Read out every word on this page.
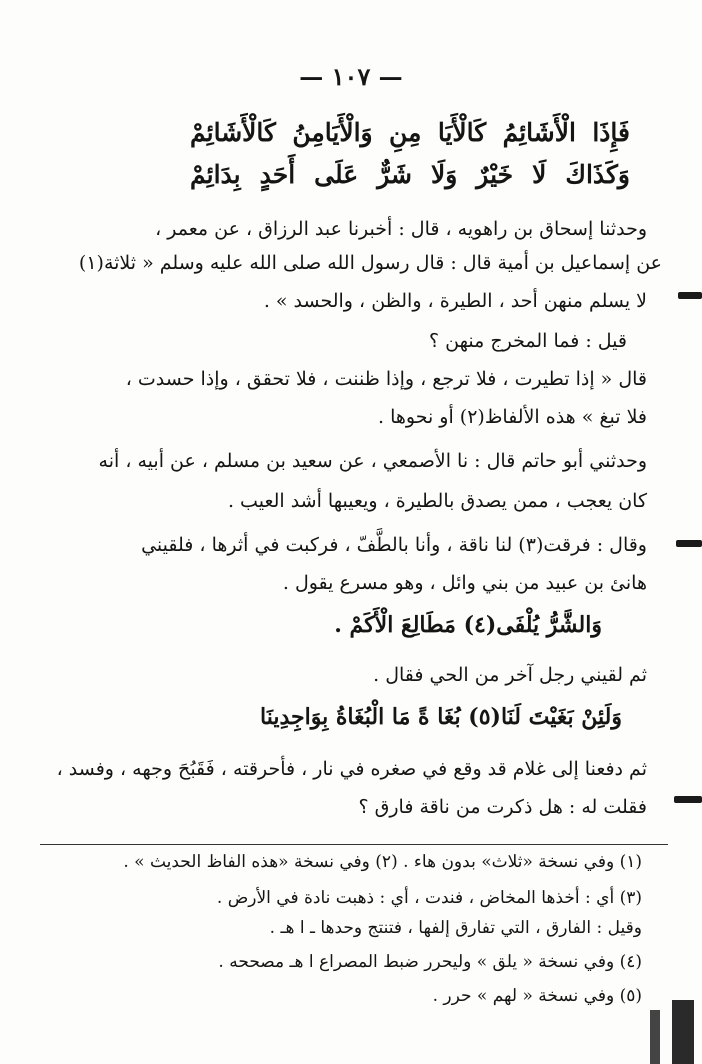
— ١٠٧ —
فَإِذَا الْأَشَائِمُ كَالْأَيَا مِنِ وَالْأَيَامِنُ كَالْأَشَائِمْ
وَكَذَاكَ لَا خَيْرٌ وَلَا شَرٌّ عَلَى أَحَدٍ بِدَائِمْ
وحدثنا إسحاق بن راهويه ، قال : أخبرنا عبد الرزاق ، عن معمر ،
عن إسماعيل بن أمية قال : قال رسول الله صلى الله عليه وسلم « ثلاثة(١)
لا يسلم منهن أحد ، الطيرة ، والظن ، والحسد » .
قيل : فما المخرج منهن ؟
قال « إذا تطيرت ، فلا ترجع ، وإذا ظننت ، فلا تحقق ، وإذا حسدت ،
فلا تبغ » هذه الألفاظ(٢) أو نحوها .
وحدثني أبو حاتم قال : نا الأصمعي ، عن سعيد بن مسلم ، عن أبيه ، أنه
كان يعجب ، ممن يصدق بالطيرة ، ويعيبها أشد العيب .
وقال : فرقت(٣) لنا ناقة ، وأنا بالطَّفّ ، فركبت في أثرها ، فلقيني
هانئ بن عبيد من بني وائل ، وهو مسرع يقول .
وَالشَّرُّ يُلْفَى(٤) مَطَالِعَ الْأَكَمْ .
ثم لقيني رجل آخر من الحي فقال .
وَلَئِنْ بَغَيْتَ لَنَا(٥) بُغَا ةً مَا الْبُغَاةُ بِوَاجِدِينَا
ثم دفعنا إلى غلام قد وقع في صغره في نار ، فأحرقته ، فَقَبُحَ وجهه ، وفسد ،
فقلت له : هل ذكرت من ناقة فارق ؟
(١) وفي نسخة «ثلاث» بدون هاء . (٢) وفي نسخة «هذه الفاظ الحديث » .
(٣) أي : أخذها المخاض ، فندت ، أي : ذهبت نادة في الأرض .
وقيل : الفارق ، التي تفارق إلفها ، فتنتج وحدها ـ ا هـ .
(٤) وفي نسخة « يلق » وليحرر ضبط المصراع ا هـ مصححه .
(٥) وفي نسخة « لهم » حرر .
